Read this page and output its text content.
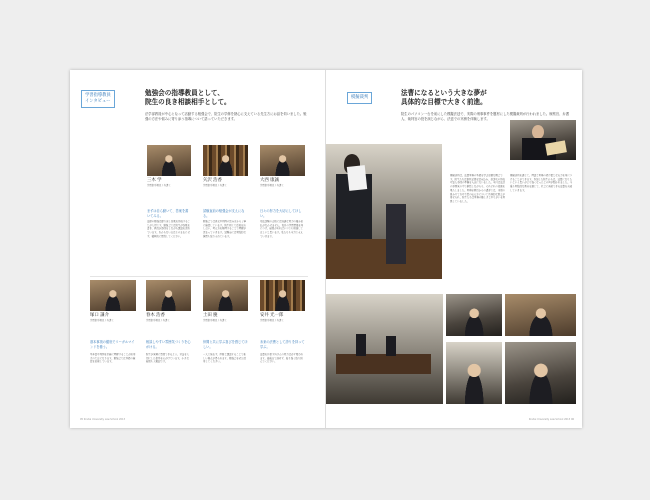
学習指導教員
インタビュー
勉強会の指導教員として、
院生の良き相談相手として。
法学部教員が中心となって活動する勉強会で、院生の学修を熱心に支えている先生方にお話を伺いました。勉強の方法や悩みに寄り添う指導について語っていただきます。
三木 学
学習指導教員 / 弁護士
矢沢 浩香
学習指導教員 / 弁護士
大西 康誠
学習指導教員 / 弁護士
まずは自ら動いて、答案を書いてみる。
試験直前の勉強会が支えになる。
日々の努力を大切にしてほしい。
法律の勉強は繰り返し答案を作成することが大切です。勉強会では院生が答案を書き、教員が添削をしながら議論を深めています。わからない点はそのままにせず、積極的に質問してください。
勉強会では条文や判例の読み方から丁寧に確認しています。院生同士で意見を出し合い、考え方を整理することで理解が深まっていきます。試験前には実践的な演習も取り入れています。
司法試験の合格には地道な努力の積み重ねが欠かせません。毎日の学習習慣を身につけ、疑問があればいつでも相談してほしいと思います。私たちも全力で支えていきます。
塚口 謙介
学習指導教員 / 弁護士
春木 浩香
学習指導教員 / 弁護士
土田 慶
学習指導教員 / 弁護士
安井 光一郎
学習指導教員 / 弁護士
基本事項の徹底でリーガルマインドを養う。
相談しやすい雰囲気づくりを心がける。
仲間と共に学ぶ喜びを感じてほしい。
未来の法曹として誇りを持って学ぶ。
基本書や判例を正確に理解することが応用力の土台になります。勉強会では基礎の確認を重視しています。
院生が気軽に質問できるよう、対話を大切にした指導を心がけています。小さな疑問も大歓迎です。
一人で悩まず、仲間と議論することで新しい視点が得られます。勉強会をぜひ活用してください。
法曹を目指す皆さんの努力は必ず報われます。最後まで諦めず、粘り強く取り組んでください。
05 Kindai University Law School 2013
模擬裁判
法曹になるという大きな夢が
具体的な目標で大きく前進。
院生のパソコン一台を前にした模擬法廷で、実際の刑事事件を題材にした模擬裁判が行われました。検察官、弁護人、裁判官の役を演じながら、法廷での実務を体験します。
模擬裁判は、法曹実務の基礎を学ぶ重要な機会です。院生たちは事件記録を読み込み、起訴状の作成や証人尋問の準備を入念に行いました。当日は法廷の雰囲気の中で緊張しながらも、それぞれの役割を果たしました。実務家教員からの講評では、尋問の組み立て方や主張の伝え方について具体的な助言が寄せられ、院生たちは実務の難しさとやりがいを実感していました。
模擬裁判を通じて、理論と実務の架け橋となる力を身につけることができます。参加した院生からは、法曹になりたいという思いがより強くなったとの声が聞かれました。今後も実践的な教育を通じて、社会に貢献できる法曹を育成していきます。
Kindai University Law School 2013 06
